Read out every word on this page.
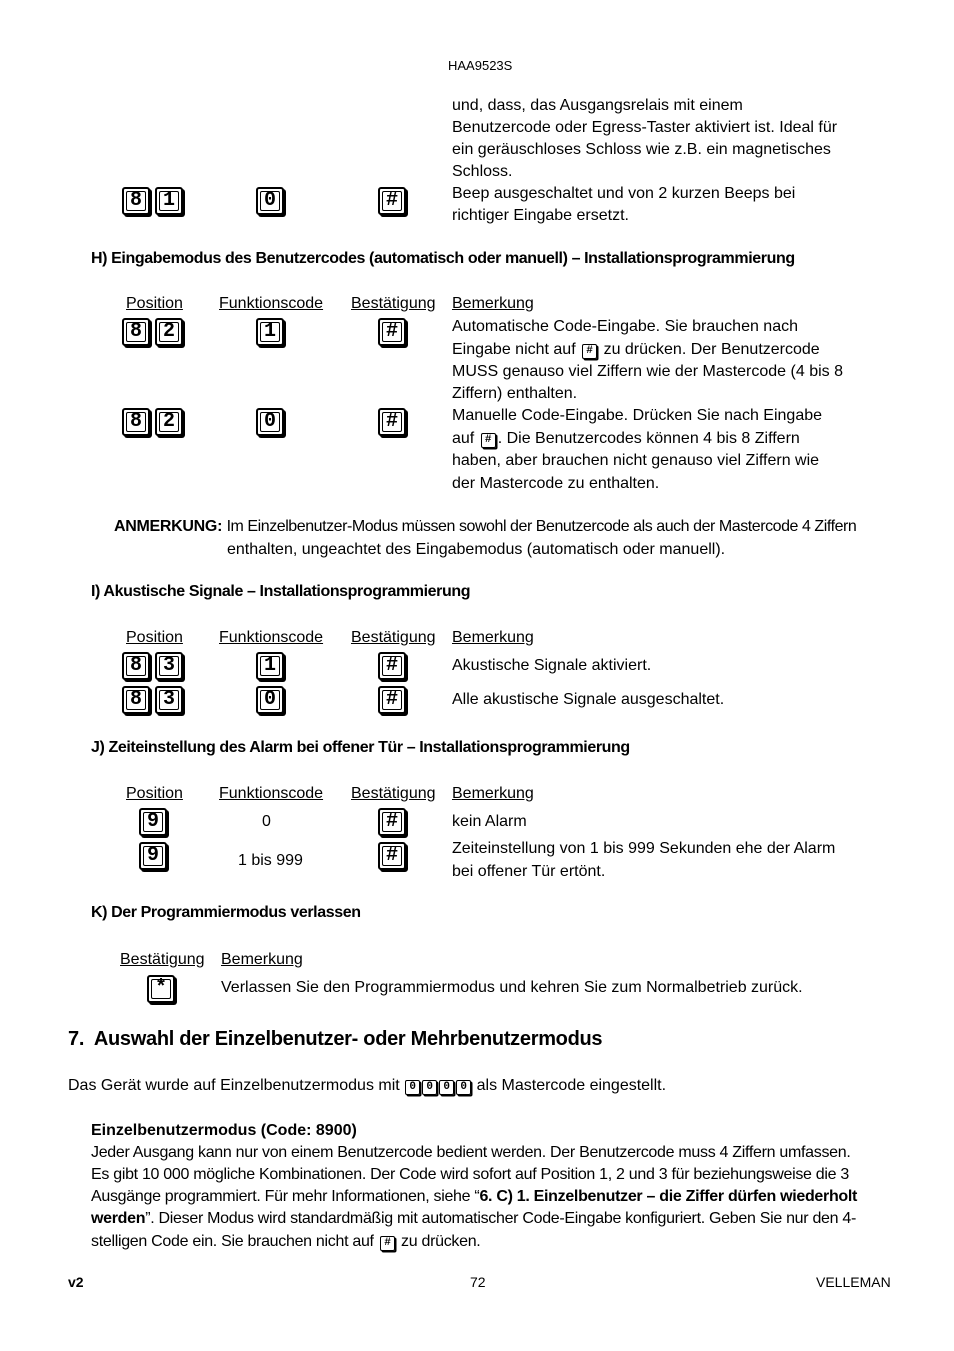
HAA9523S
und, dass, das Ausgangsrelais mit einem
Benutzercode oder Egress-Taster aktiviert ist. Ideal für
ein geräuschloses Schloss wie z.B. ein magnetisches
Schloss.
8	1	0	#	Beep ausgeschaltet und von 2 kurzen Beeps bei
richtiger Eingabe ersetzt.
H) Eingabemodus des Benutzercodes (automatisch oder manuell) – Installationsprogrammierung
Position Funktionscode Bestätigung Bemerkung
8	2	1	#	Automatische Code-Eingabe. Sie brauchen nach
Eingabe nicht auf # zu drücken. Der Benutzercode
MUSS genauso viel Ziffern wie der Mastercode (4 bis 8
Ziffern) enthalten.
8	2	0	#	Manuelle Code-Eingabe. Drücken Sie nach Eingabe
auf # . Die Benutzercodes können 4 bis 8 Ziffern
haben, aber brauchen nicht genauso viel Ziffern wie
der Mastercode zu enthalten.
ANMERKUNG: Im Einzelbenutzer-Modus müssen sowohl der Benutzercode als auch der Mastercode 4 Ziffern
enthalten, ungeachtet des Eingabemodus (automatisch oder manuell).
I) Akustische Signale – Installationsprogrammierung
Position Funktionscode Bestätigung Bemerkung
8	3	1	#	Akustische Signale aktiviert.
8	3	0	#	Alle akustische Signale ausgeschaltet.
J) Zeiteinstellung des Alarm bei offener Tür – Installationsprogrammierung
Position Funktionscode Bestätigung Bemerkung
9	0	#	kein Alarm
9	1 bis 999	#	Zeiteinstellung von 1 bis 999 Sekunden ehe der Alarm
bei offener Tür ertönt.
K) Der Programmiermodus verlassen
Bestätigung Bemerkung
*	Verlassen Sie den Programmiermodus und kehren Sie zum Normalbetrieb zurück.
7.  Auswahl der Einzelbenutzer- oder Mehrbenutzermodus
Das Gerät wurde auf Einzelbenutzermodus mit 0 0 0 0 als Mastercode eingestellt.
Einzelbenutzermodus (Code: 8900)
Jeder Ausgang kann nur von einem Benutzercode bedient werden. Der Benutzercode muss 4 Ziffern umfassen.
Es gibt 10 000 mögliche Kombinationen. Der Code wird sofort auf Position 1, 2 und 3 für beziehungsweise die 3
Ausgänge programmiert. Für mehr Informationen, siehe “6. C) 1. Einzelbenutzer – die Ziffer dürfen wiederholt
werden”. Dieser Modus wird standardmäßig mit automatischer Code-Eingabe konfiguriert. Geben Sie nur den 4-
stelligen Code ein. Sie brauchen nicht auf # zu drücken.
v2	72	VELLEMAN
